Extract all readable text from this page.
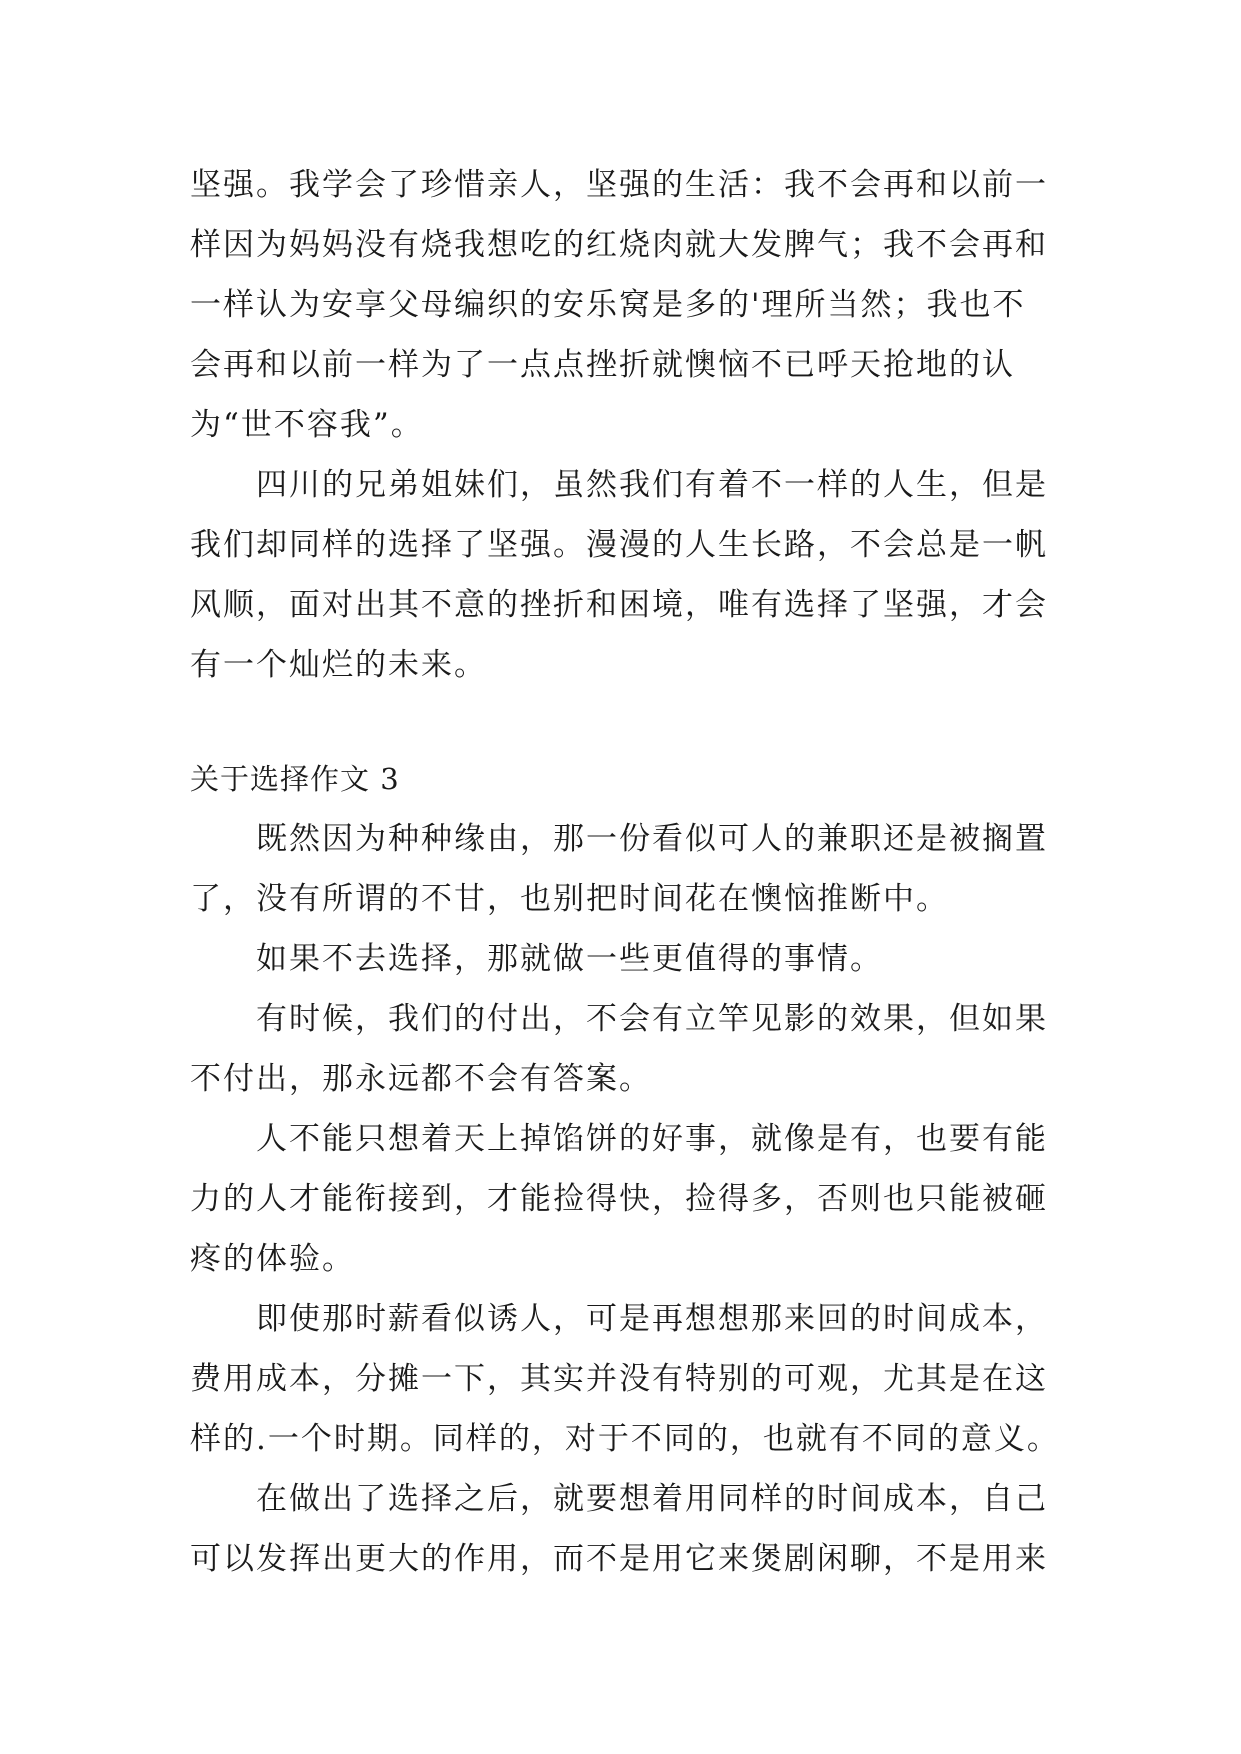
坚强。我学会了珍惜亲人，坚强的生活：我不会再和以前一
样因为妈妈没有烧我想吃的红烧肉就大发脾气；我不会再和
一样认为安享父母编织的安乐窝是多的'理所当然；我也不
会再和以前一样为了一点点挫折就懊恼不已呼天抢地的认
为“世不容我”。
四川的兄弟姐妹们，虽然我们有着不一样的人生，但是
我们却同样的选择了坚强。漫漫的人生长路，不会总是一帆
风顺，面对出其不意的挫折和困境，唯有选择了坚强，才会
有一个灿烂的未来。
关于选择作文 3
既然因为种种缘由，那一份看似可人的兼职还是被搁置
了，没有所谓的不甘，也别把时间花在懊恼推断中。
如果不去选择，那就做一些更值得的事情。
有时候，我们的付出，不会有立竿见影的效果，但如果
不付出，那永远都不会有答案。
人不能只想着天上掉馅饼的好事，就像是有，也要有能
力的人才能衔接到，才能捡得快，捡得多，否则也只能被砸
疼的体验。
即使那时薪看似诱人，可是再想想那来回的时间成本，
费用成本，分摊一下，其实并没有特别的可观，尤其是在这
样的.一个时期。同样的，对于不同的，也就有不同的意义。
在做出了选择之后，就要想着用同样的时间成本，自己
可以发挥出更大的作用，而不是用它来煲剧闲聊，不是用来
